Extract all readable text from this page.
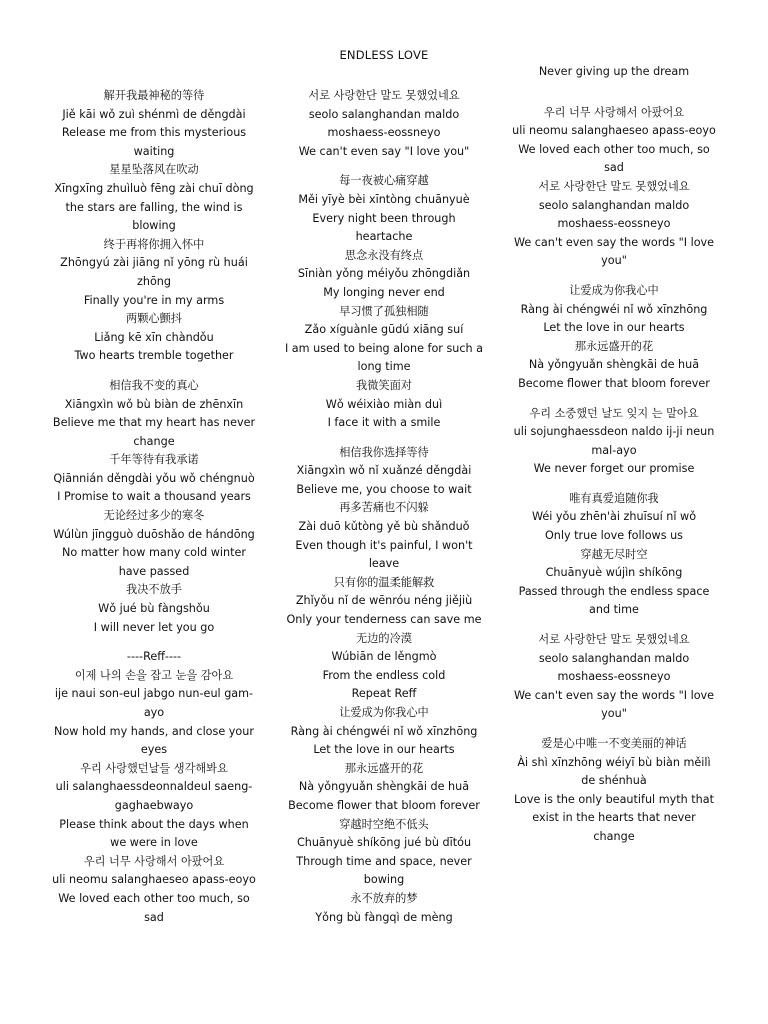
ENDLESS LOVE
解开我最神秘的等待
Jiě kāi wǒ zuì shénmì de děngdài
Release me from this mysterious
waiting
星星坠落风在吹动
Xīngxīng zhuìluò fēng zài chuī dòng
the stars are falling, the wind is
blowing
终于再将你拥入怀中
Zhōngyú zài jiāng nǐ yōng rù huái
zhōng
Finally you're in my arms
两颗心颤抖
Liǎng kē xīn chàndǒu
Two hearts tremble together
相信我不变的真心
Xiāngxìn wǒ bù biàn de zhēnxīn
Believe me that my heart has never
change
千年等待有我承诺
Qiānnián děngdài yǒu wǒ chéngnuò
I Promise to wait a thousand years
无论经过多少的寒冬
Wúlùn jīngguò duōshǎo de hándōng
No matter how many cold winter
have passed
我决不放手
Wǒ jué bù fàngshǒu
I will never let you go
----Reff----
이제 나의 손을 잡고 눈을 감아요
ije naui son-eul jabgo nun-eul gam-
ayo
Now hold my hands, and close your
eyes
우리 사랑했던날들 생각해봐요
uli salanghaessdeonnaldeul saeng-
gaghaebwayo
Please think about the days when
we were in love
우리 너무 사랑해서 아팠어요
uli neomu salanghaeseo apass-eoyo
We loved each other too much, so
sad
서로 사랑한단 말도 못했었네요
seolo salanghandan maldo
moshaess-eossneyo
We can't even say "I love you"
每一夜被心痛穿越
Měi yīyè bèi xīntòng chuānyuè
Every night been through
heartache
思念永没有终点
Sīniàn yǒng méiyǒu zhōngdiǎn
My longing never end
早习惯了孤独相随
Zǎo xíguànle gūdú xiāng suí
I am used to being alone for such a
long time
我微笑面对
Wǒ wéixiào miàn duì
I face it with a smile
相信我你选择等待
Xiāngxìn wǒ nǐ xuǎnzé děngdài
Believe me, you choose to wait
再多苦痛也不闪躲
Zài duō kǔtòng yě bù shǎnduǒ
Even though it's painful, I won't
leave
只有你的温柔能解救
Zhǐyǒu nǐ de wēnróu néng jiějiù
Only your tenderness can save me
无边的冷漠
Wúbiān de lěngmò
From the endless cold
Repeat Reff
让爱成为你我心中
Ràng ài chéngwéi nǐ wǒ xīnzhōng
Let the love in our hearts
那永远盛开的花
Nà yǒngyuǎn shèngkāi de huā
Become flower that bloom forever
穿越时空绝不低头
Chuānyuè shíkōng jué bù dītóu
Through time and space, never
bowing
永不放弃的梦
Yǒng bù fàngqì de mèng
Never giving up the dream
우리 너무 사랑해서 아팠어요
uli neomu salanghaeseo apass-eoyo
We loved each other too much, so
sad
서로 사랑한단 말도 못했었네요
seolo salanghandan maldo
moshaess-eossneyo
We can't even say the words "I love
you"
让爱成为你我心中
Ràng ài chéngwéi nǐ wǒ xīnzhōng
Let the love in our hearts
那永远盛开的花
Nà yǒngyuǎn shèngkāi de huā
Become flower that bloom forever
우리 소중했던 날도 잊지 는 말아요
uli sojunghaessdeon naldo ij-ji neun
mal-ayo
We never forget our promise
唯有真爱追随你我
Wéi yǒu zhēn'ài zhuīsuí nǐ wǒ
Only true love follows us
穿越无尽时空
Chuānyuè wújìn shíkōng
Passed through the endless space
and time
서로 사랑한단 말도 못했었네요
seolo salanghandan maldo
moshaess-eossneyo
We can't even say the words "I love
you"
爱是心中唯一不变美丽的神话
Ài shì xīnzhōng wéiyī bù biàn měilì
de shénhuà
Love is the only beautiful myth that
exist in the hearts that never
change
